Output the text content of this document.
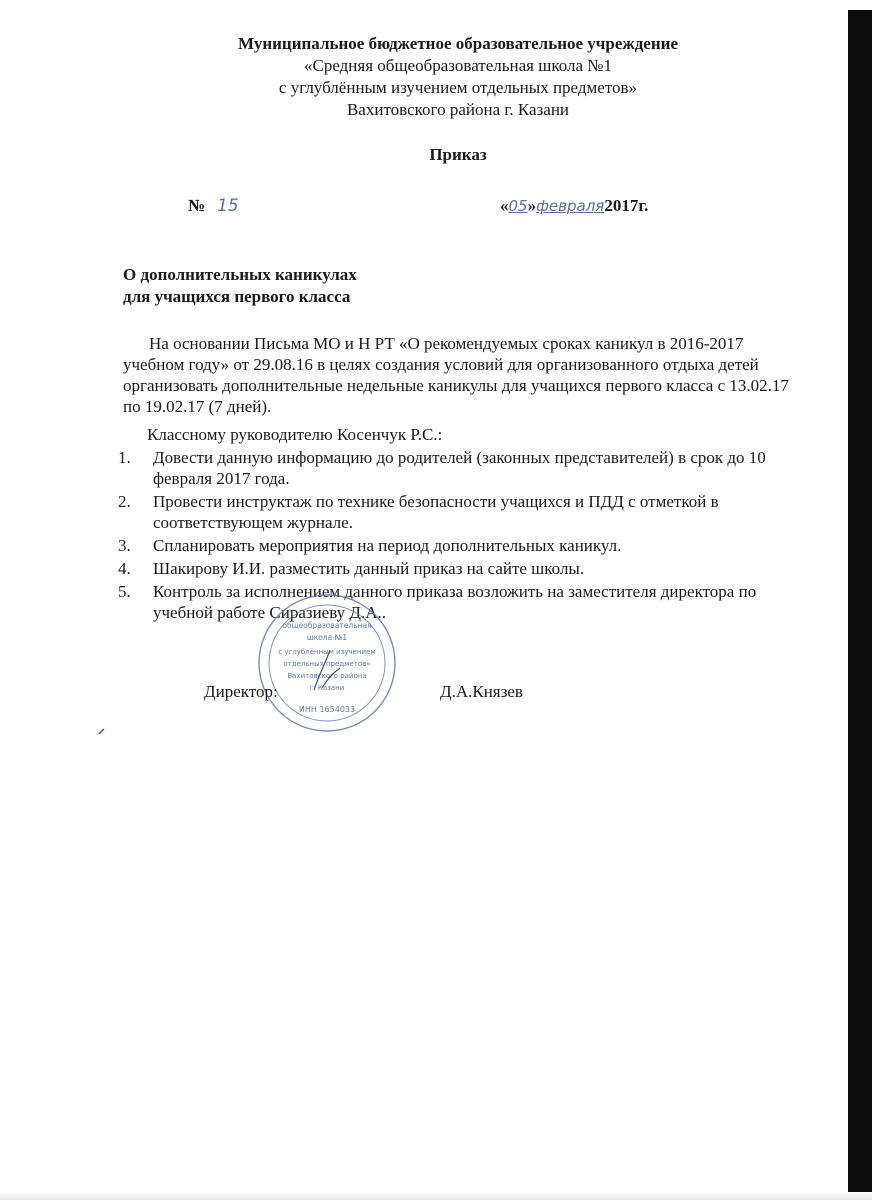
Муниципальное бюджетное образовательное учреждение
«Средняя общеобразовательная школа №1
с углублённым изучением отдельных предметов»
Вахитовского района г. Казани
Приказ
№ 15	«05»февраля2017г.
О дополнительных каникулах
для учащихся первого класса

На основании Письма МО и Н РТ «О рекомендуемых сроках каникул в 2016-2017 учебном году» от 29.08.16 в целях создания условий для организованного отдыха детей организовать дополнительные недельные каникулы для учащихся первого класса с 13.02.17 по 19.02.17 (7 дней).

Классному руководителю Косенчук Р.С.:
1. Довести данную информацию до родителей (законных представителей) в срок до 10 февраля 2017 года.
2. Провести инструктаж по технике безопасности учащихся и ПДД с отметкой в соответствующем журнале.
3. Спланировать мероприятия на период дополнительных каникул.
4. Шакирову И.И. разместить данный приказ на сайте школы.
5. Контроль за исполнением данного приказа возложить на заместителя директора по учебной работе Сиразиеву Д.А..
общеобразовательная
школа №1
с углублённым изучением
отдельных предметов»
Вахитовского района
г. Казани
ИНН 1654033
Директор:	Д.А.Князев
